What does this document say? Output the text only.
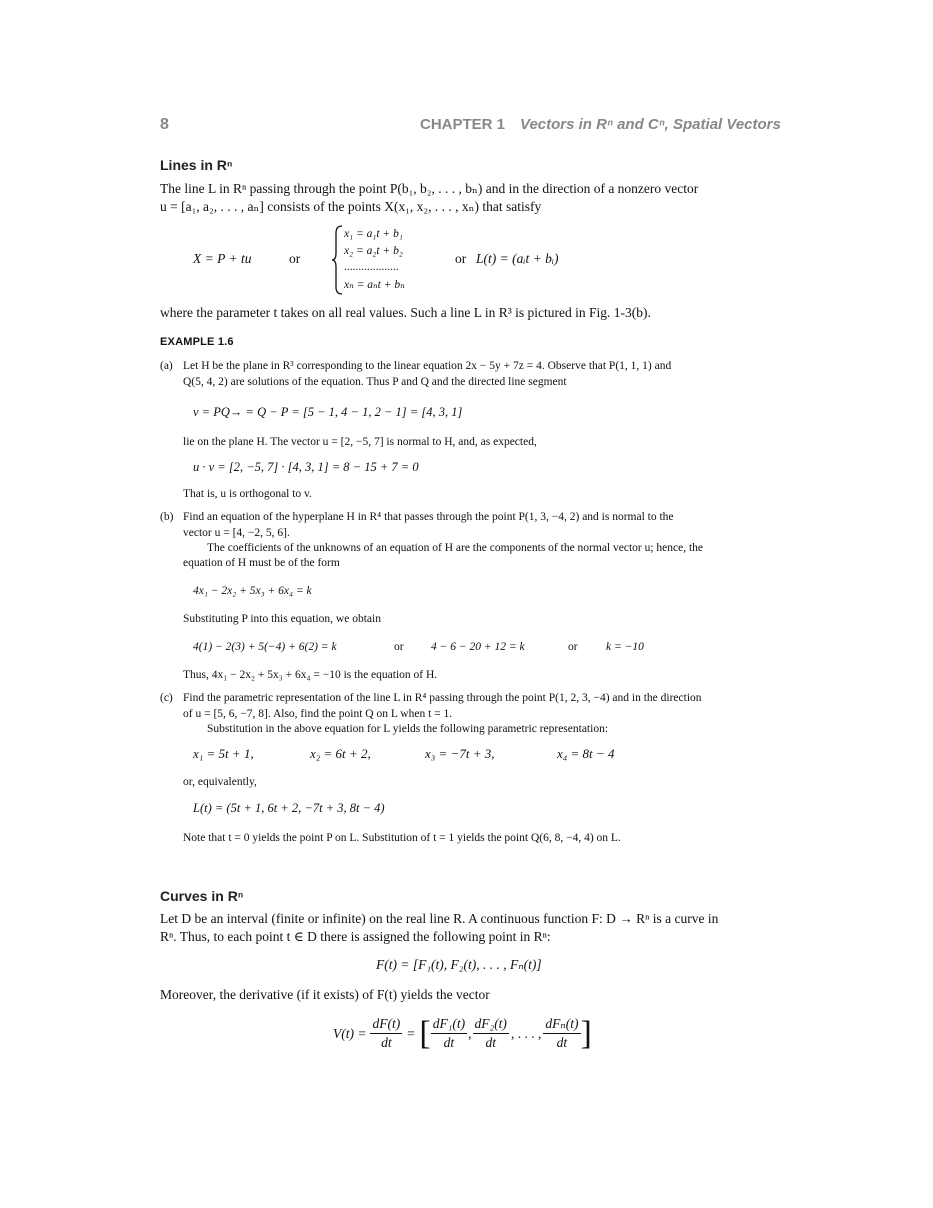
8	CHAPTER 1 Vectors in Rⁿ and Cⁿ, Spatial Vectors
Lines in Rⁿ
The line L in Rⁿ passing through the point P(b₁, b₂, . . . , bₙ) and in the direction of a nonzero vector
u = [a₁, a₂, . . . , aₙ] consists of the points X(x₁, x₂, . . . , xₙ) that satisfy
X = P + tu	or
x₁ = a₁t + b₁
x₂ = a₂t + b₂
...................
xₙ = aₙt + bₙ
or L(t) = (aᵢt + bᵢ)
where the parameter t takes on all real values. Such a line L in R³ is pictured in Fig. 1-3(b).
EXAMPLE 1.6
(a) Let H be the plane in R³ corresponding to the linear equation 2x − 5y + 7z = 4. Observe that P(1, 1, 1) and
Q(5, 4, 2) are solutions of the equation. Thus P and Q and the directed line segment
v = PQ→ = Q − P = [5 − 1, 4 − 1, 2 − 1] = [4, 3, 1]
lie on the plane H. The vector u = [2, −5, 7] is normal to H, and, as expected,
u · v = [2, −5, 7] · [4, 3, 1] = 8 − 15 + 7 = 0
That is, u is orthogonal to v.
(b) Find an equation of the hyperplane H in R⁴ that passes through the point P(1, 3, −4, 2) and is normal to the
vector u = [4, −2, 5, 6].
The coefficients of the unknowns of an equation of H are the components of the normal vector u; hence, the
equation of H must be of the form
4x₁ − 2x₂ + 5x₃ + 6x₄ = k
Substituting P into this equation, we obtain
4(1) − 2(3) + 5(−4) + 6(2) = k	or 4 − 6 − 20 + 12 = k	or k = −10
Thus, 4x₁ − 2x₂ + 5x₃ + 6x₄ = −10 is the equation of H.
(c) Find the parametric representation of the line L in R⁴ passing through the point P(1, 2, 3, −4) and in the direction
of u = [5, 6, −7, 8]. Also, find the point Q on L when t = 1.
Substitution in the above equation for L yields the following parametric representation:
x₁ = 5t + 1,	x₂ = 6t + 2,	x₃ = −7t + 3,	x₄ = 8t − 4
or, equivalently,
L(t) = (5t + 1, 6t + 2, −7t + 3, 8t − 4)
Note that t = 0 yields the point P on L. Substitution of t = 1 yields the point Q(6, 8, −4, 4) on L.
Curves in Rⁿ
Let D be an interval (finite or infinite) on the real line R. A continuous function F: D → Rⁿ is a curve in
Rⁿ. Thus, to each point t ∈ D there is assigned the following point in Rⁿ:
F(t) = [F₁(t), F₂(t), . . . , Fₙ(t)]
Moreover, the derivative (if it exists) of F(t) yields the vector
$V(t) = \frac{dF(t)}{dt}$ = [ $\frac{\text{dF₁(t)}}{dt}$ , $\frac{\text{dF₂(t)}}{dt}$ , . . . , $\frac{\text{dFₙ(t)}}{dt}$ ]
